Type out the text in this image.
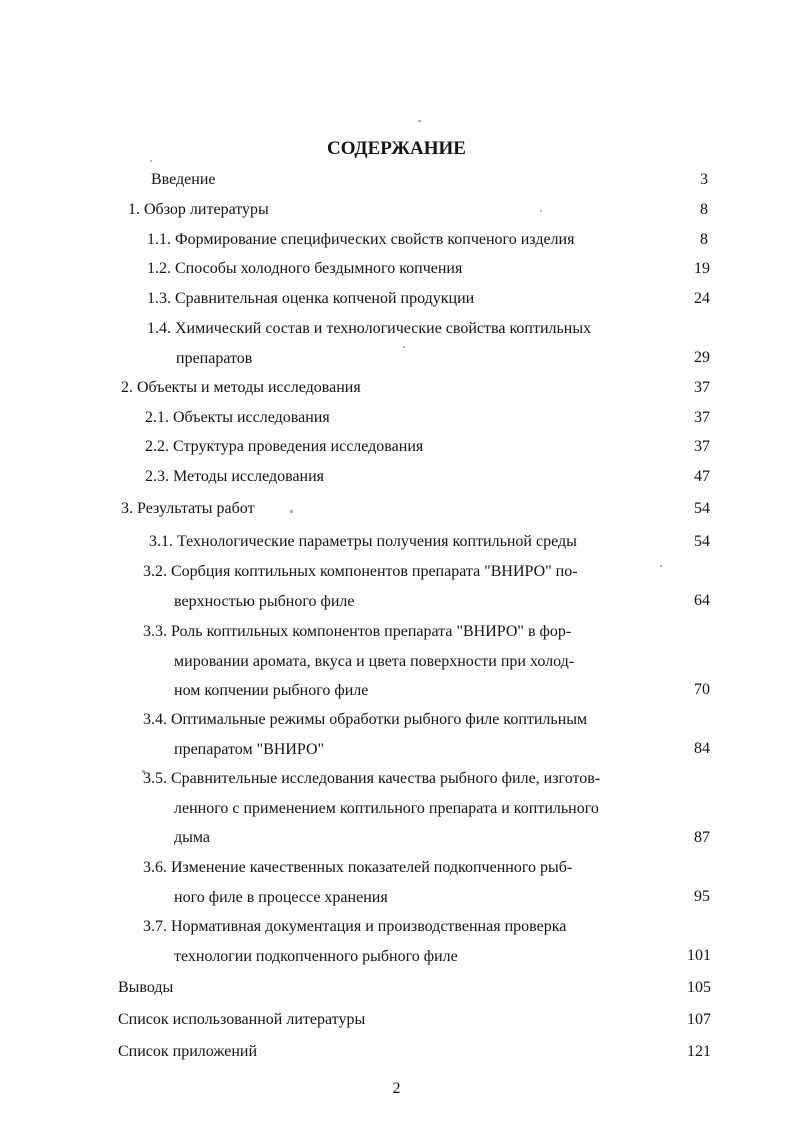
СОДЕРЖАНИЕ
Введение	3
1. Обзор литературы	8
1.1. Формирование специфических свойств копченого изделия	8
1.2. Способы холодного бездымного копчения	19
1.3. Сравнительная оценка копченой продукции	24
1.4. Химический состав и технологические свойства коптильных
препаратов	29
2. Объекты и методы исследования	37
2.1. Объекты исследования	37
2.2. Структура проведения исследования	37
2.3. Методы исследования	47
3. Результаты работ	54
3.1. Технологические параметры получения коптильной среды	54
3.2. Сорбция коптильных компонентов препарата "ВНИРО" по-
верхностью рыбного филе	64
3.3. Роль коптильных компонентов препарата "ВНИРО" в фор-
мировании аромата, вкуса и цвета поверхности при холод-
ном копчении рыбного филе	70
3.4. Оптимальные режимы обработки рыбного филе коптильным
препаратом "ВНИРО"	84
3.5. Сравнительные исследования качества рыбного филе, изготов-
ленного с применением коптильного препарата и коптильного
дыма	87
3.6. Изменение качественных показателей подкопченного рыб-
ного филе в процессе хранения	95
3.7. Нормативная документация и производственная проверка
технологии подкопченного рыбного филе	101
Выводы	105
Список использованной литературы	107
Список приложений	121
2
